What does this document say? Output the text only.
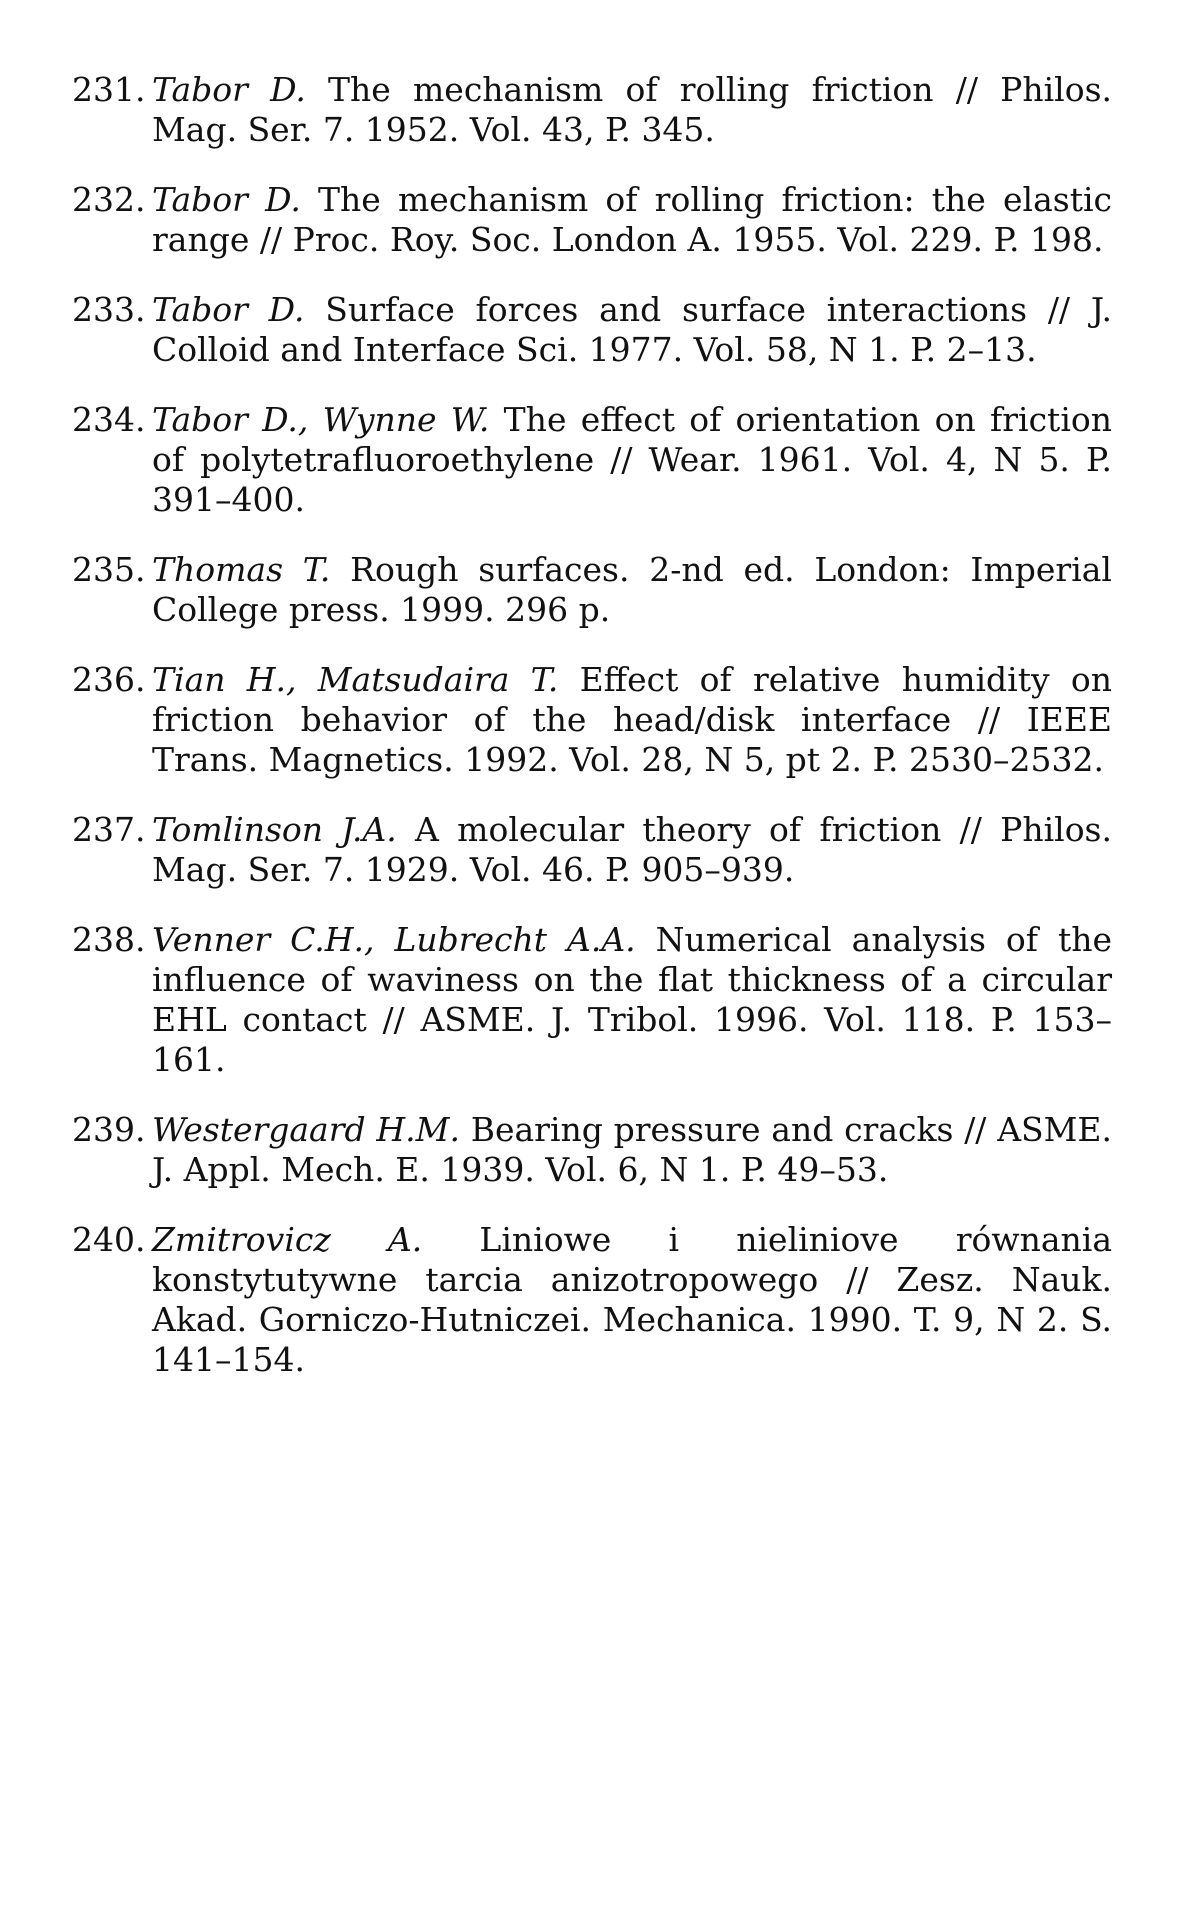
231. Tabor D. The mechanism of rolling friction // Philos. Mag. Ser. 7. 1952. Vol. 43, P. 345.
232. Tabor D. The mechanism of rolling friction: the elastic range // Proc. Roy. Soc. London A. 1955. Vol. 229. P. 198.
233. Tabor D. Surface forces and surface interactions // J. Colloid and Interface Sci. 1977. Vol. 58, N 1. P. 2–13.
234. Tabor D., Wynne W. The effect of orientation on friction of polytetrafluoroethylene // Wear. 1961. Vol. 4, N 5. P. 391–400.
235. Thomas T. Rough surfaces. 2-nd ed. London: Imperial College press. 1999. 296 p.
236. Tian H., Matsudaira T. Effect of relative humidity on friction behavior of the head/disk interface // IEEE Trans. Magnetics. 1992. Vol. 28, N 5, pt 2. P. 2530–2532.
237. Tomlinson J.A. A molecular theory of friction // Philos. Mag. Ser. 7. 1929. Vol. 46. P. 905–939.
238. Venner C.H., Lubrecht A.A. Numerical analysis of the influence of waviness on the flat thickness of a circular EHL contact // ASME. J. Tribol. 1996. Vol. 118. P. 153–161.
239. Westergaard H.M. Bearing pressure and cracks // ASME. J. Appl. Mech. E. 1939. Vol. 6, N 1. P. 49–53.
240. Zmitrovicz A. Liniowe i nieliniove równania konstytutywne tarcia anizotropowego // Zesz. Nauk. Akad. Gorniczo-Hutniczei. Mechanica. 1990. T. 9, N 2. S. 141–154.
